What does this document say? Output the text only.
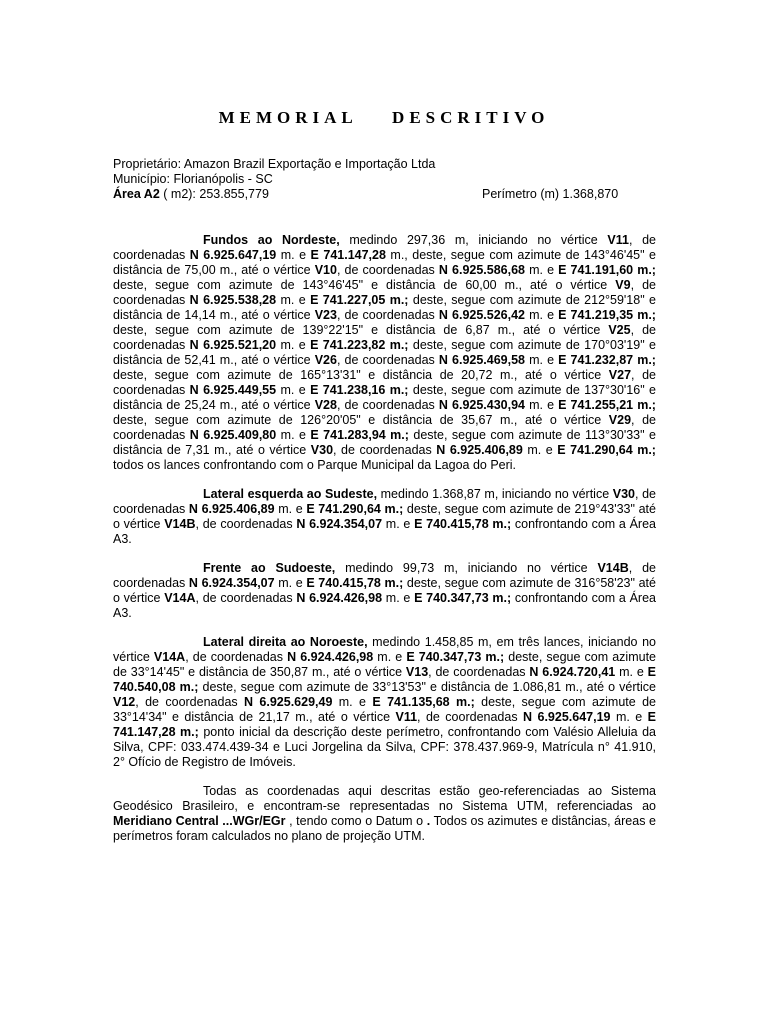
MEMORIAL DESCRITIVO
Proprietário: Amazon Brazil Exportação e Importação Ltda
Município: Florianópolis - SC
Área A2 ( m2): 253.855,779	Perímetro (m) 1.368,870

Fundos ao Nordeste, medindo 297,36 m, iniciando no vértice V11, de coordenadas N 6.925.647,19 m. e E 741.147,28 m., deste, segue com azimute de 143°46'45" e distância de 75,00 m., até o vértice V10, de coordenadas N 6.925.586,68 m. e E 741.191,60 m.; deste, segue com azimute de 143°46'45" e distância de 60,00 m., até o vértice V9, de coordenadas N 6.925.538,28 m. e E 741.227,05 m.; deste, segue com azimute de 212°59'18" e distância de 14,14 m., até o vértice V23, de coordenadas N 6.925.526,42 m. e E 741.219,35 m.; deste, segue com azimute de 139°22'15" e distância de 6,87 m., até o vértice V25, de coordenadas N 6.925.521,20 m. e E 741.223,82 m.; deste, segue com azimute de 170°03'19" e distância de 52,41 m., até o vértice V26, de coordenadas N 6.925.469,58 m. e E 741.232,87 m.; deste, segue com azimute de 165°13'31" e distância de 20,72 m., até o vértice V27, de coordenadas N 6.925.449,55 m. e E 741.238,16 m.; deste, segue com azimute de 137°30'16" e distância de 25,24 m., até o vértice V28, de coordenadas N 6.925.430,94 m. e E 741.255,21 m.; deste, segue com azimute de 126°20'05" e distância de 35,67 m., até o vértice V29, de coordenadas N 6.925.409,80 m. e E 741.283,94 m.; deste, segue com azimute de 113°30'33" e distância de 7,31 m., até o vértice V30, de coordenadas N 6.925.406,89 m. e E 741.290,64 m.; todos os lances confrontando com o Parque Municipal da Lagoa do Peri.

Lateral esquerda ao Sudeste, medindo 1.368,87 m, iniciando no vértice V30, de coordenadas N 6.925.406,89 m. e E 741.290,64 m.; deste, segue com azimute de 219°43'33" até o vértice V14B, de coordenadas N 6.924.354,07 m. e E 740.415,78 m.; confrontando com a Área A3.

Frente ao Sudoeste, medindo 99,73 m, iniciando no vértice V14B, de coordenadas N 6.924.354,07 m. e E 740.415,78 m.; deste, segue com azimute de 316°58'23" até o vértice V14A, de coordenadas N 6.924.426,98 m. e E 740.347,73 m.; confrontando com a Área A3.

Lateral direita ao Noroeste, medindo 1.458,85 m, em três lances, iniciando no vértice V14A, de coordenadas N 6.924.426,98 m. e E 740.347,73 m.; deste, segue com azimute de 33°14'45" e distância de 350,87 m., até o vértice V13, de coordenadas N 6.924.720,41 m. e E 740.540,08 m.; deste, segue com azimute de 33°13'53" e distância de 1.086,81 m., até o vértice V12, de coordenadas N 6.925.629,49 m. e E 741.135,68 m.; deste, segue com azimute de 33°14'34" e distância de 21,17 m., até o vértice V11, de coordenadas N 6.925.647,19 m. e E 741.147,28 m.; ponto inicial da descrição deste perímetro, confrontando com Valésio Alleluia da Silva, CPF: 033.474.439-34 e Luci Jorgelina da Silva, CPF: 378.437.969-9, Matrícula n° 41.910, 2° Ofício de Registro de Imóveis.

Todas as coordenadas aqui descritas estão geo-referenciadas ao Sistema Geodésico Brasileiro, e encontram-se representadas no Sistema UTM, referenciadas ao Meridiano Central ...WGr/EGr , tendo como o Datum o . Todos os azimutes e distâncias, áreas e perímetros foram calculados no plano de projeção UTM.
